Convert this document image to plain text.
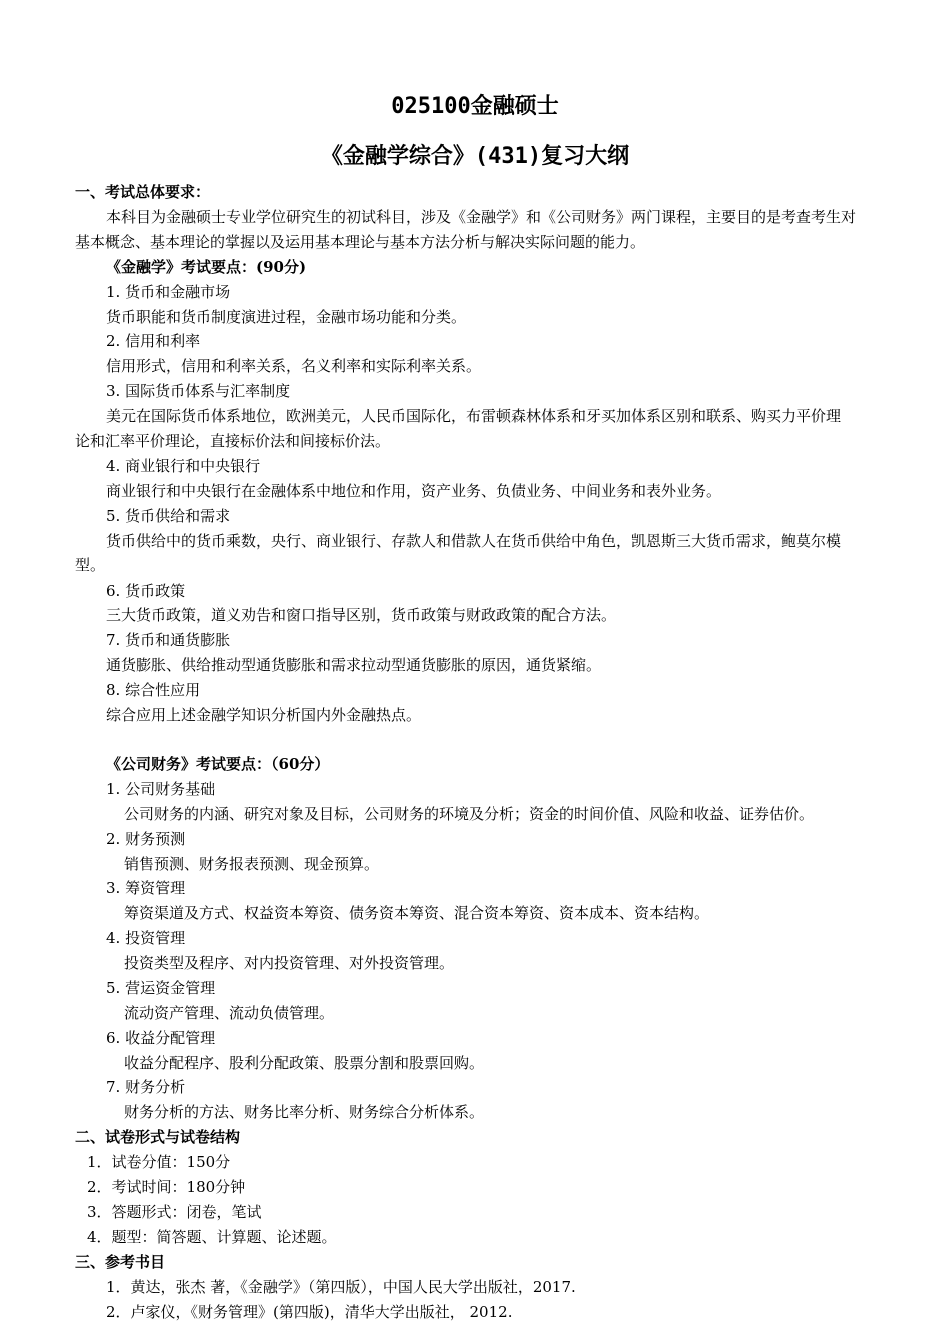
025100金融硕士
《金融学综合》(431)复习大纲
一、考试总体要求：
本科目为金融硕士专业学位研究生的初试科目，涉及《金融学》和《公司财务》两门课程，主要目的是考查考生对
基本概念、基本理论的掌握以及运用基本理论与基本方法分析与解决实际问题的能力。
《金融学》考试要点：(90分)
1. 货币和金融市场
货币职能和货币制度演进过程，金融市场功能和分类。
2. 信用和利率
信用形式，信用和利率关系，名义利率和实际利率关系。
3. 国际货币体系与汇率制度
美元在国际货币体系地位，欧洲美元，人民币国际化，布雷顿森林体系和牙买加体系区别和联系、购买力平价理
论和汇率平价理论，直接标价法和间接标价法。
4. 商业银行和中央银行
商业银行和中央银行在金融体系中地位和作用，资产业务、负债业务、中间业务和表外业务。
5. 货币供给和需求
货币供给中的货币乘数，央行、商业银行、存款人和借款人在货币供给中角色，凯恩斯三大货币需求，鲍莫尔模
型。
6. 货币政策
三大货币政策，道义劝告和窗口指导区别，货币政策与财政政策的配合方法。
7. 货币和通货膨胀
通货膨胀、供给推动型通货膨胀和需求拉动型通货膨胀的原因，通货紧缩。
8. 综合性应用
综合应用上述金融学知识分析国内外金融热点。
《公司财务》考试要点：（60分）
1. 公司财务基础
公司财务的内涵、研究对象及目标，公司财务的环境及分析；资金的时间价值、风险和收益、证券估价。
2. 财务预测
销售预测、财务报表预测、现金预算。
3. 筹资管理
筹资渠道及方式、权益资本筹资、债务资本筹资、混合资本筹资、资本成本、资本结构。
4. 投资管理
投资类型及程序、对内投资管理、对外投资管理。
5. 营运资金管理
流动资产管理、流动负债管理。
6. 收益分配管理
收益分配程序、股利分配政策、股票分割和股票回购。
7. 财务分析
财务分析的方法、财务比率分析、财务综合分析体系。
二、试卷形式与试卷结构
1．试卷分值：150分
2．考试时间：180分钟
3．答题形式：闭卷，笔试
4．题型：简答题、计算题、论述题。
三、参考书目
1．黄达，张杰 著，《金融学》（第四版），中国人民大学出版社，2017.
2．卢家仪，《财务管理》(第四版)，清华大学出版社， 2012.
